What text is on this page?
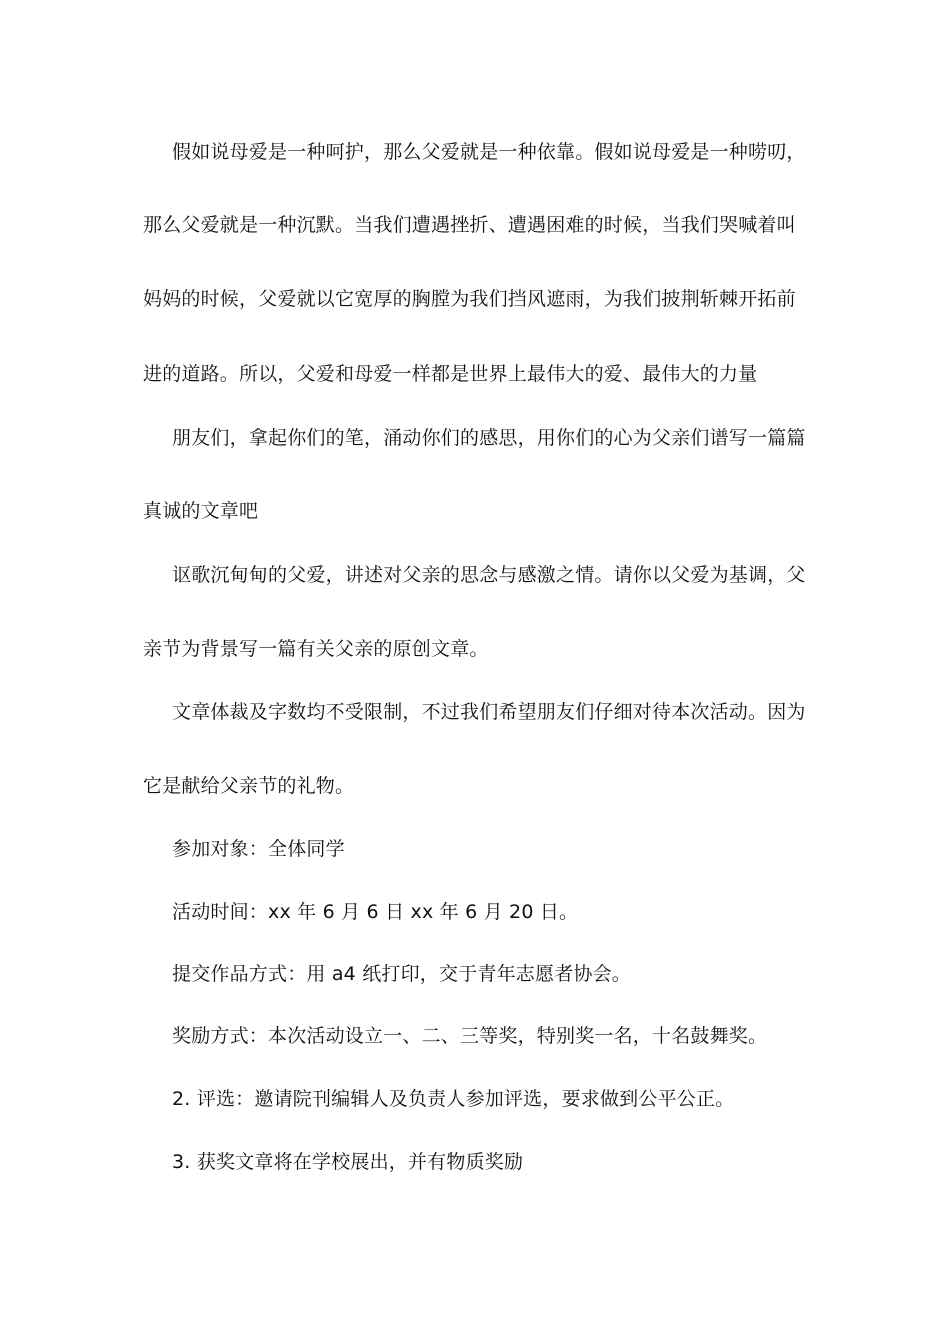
假如说母爱是一种呵护，那么父爱就是一种依靠。假如说母爱是一种唠叨，
那么父爱就是一种沉默。当我们遭遇挫折、遭遇困难的时候，当我们哭喊着叫
妈妈的时候，父爱就以它宽厚的胸膛为我们挡风遮雨，为我们披荆斩棘开拓前
进的道路。所以，父爱和母爱一样都是世界上最伟大的爱、最伟大的力量
朋友们，拿起你们的笔，涌动你们的感思，用你们的心为父亲们谱写一篇篇
真诚的文章吧
讴歌沉甸甸的父爱，讲述对父亲的思念与感激之情。请你以父爱为基调，父
亲节为背景写一篇有关父亲的原创文章。
文章体裁及字数均不受限制，不过我们希望朋友们仔细对待本次活动。因为
它是献给父亲节的礼物。
参加对象：全体同学
活动时间：xx 年 6 月 6 日 xx 年 6 月 20 日。
提交作品方式：用 a4 纸打印，交于青年志愿者协会。
奖励方式：本次活动设立一、二、三等奖，特别奖一名，十名鼓舞奖。
2. 评选：邀请院刊编辑人及负责人参加评选，要求做到公平公正。
3. 获奖文章将在学校展出，并有物质奖励
